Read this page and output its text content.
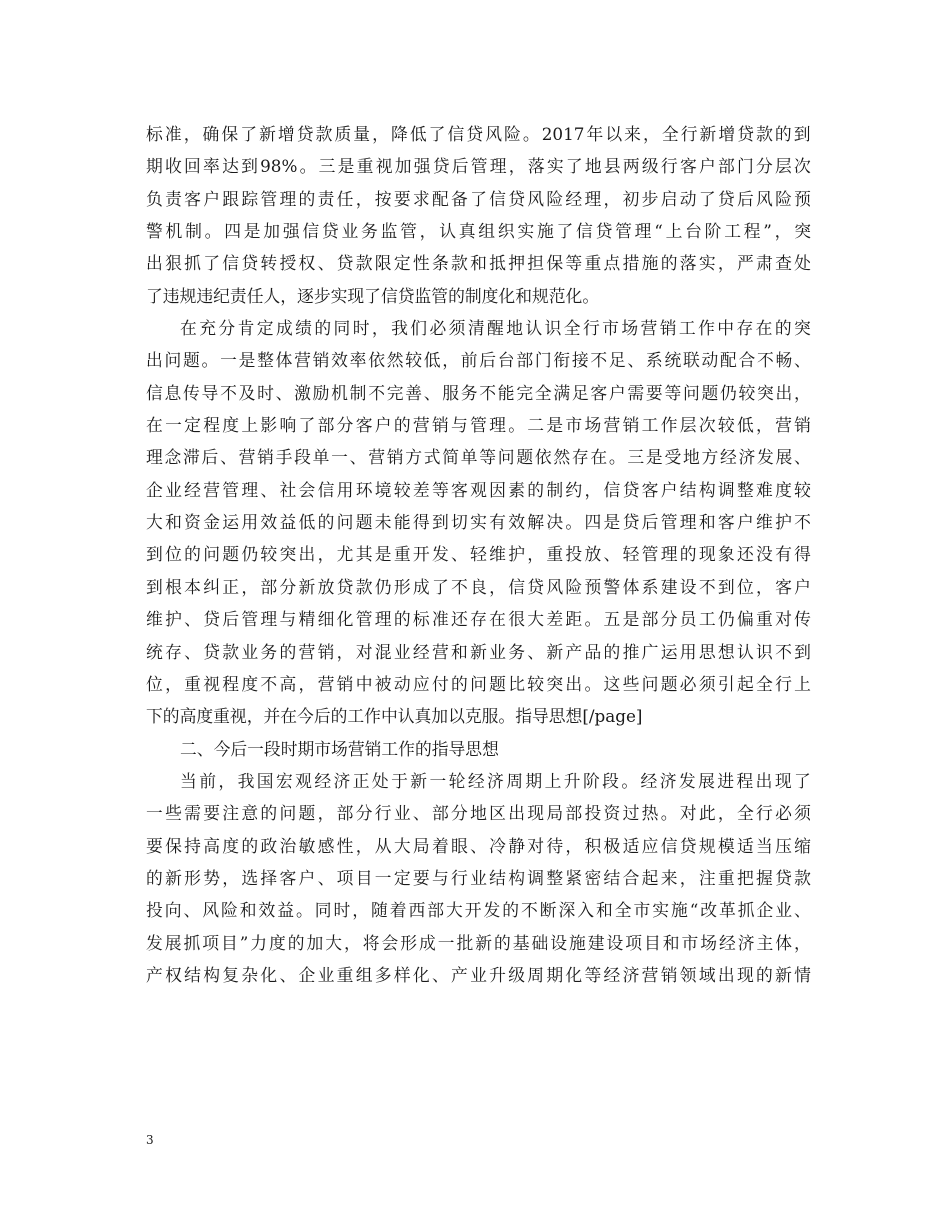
标 准 ， 确 保 了 新 增 贷 款 质 量 ， 降 低 了 信 贷 风 险 。 2017 年 以 来 ， 全 行 新 增 贷 款 的 到
期 收 回 率 达 到 98% 。 三 是 重 视 加 强 贷 后 管 理 ， 落 实 了 地 县 两 级 行 客 户 部 门 分 层 次
负 责 客 户 跟 踪 管 理 的 责 任 ， 按 要 求 配 备 了 信 贷 风 险 经 理 ， 初 步 启 动 了 贷 后 风 险 预
警 机 制 。 四 是 加 强 信 贷 业 务 监 管 ， 认 真 组 织 实 施 了 信 贷 管 理 “ 上 台 阶 工 程 ” ， 突
出 狠 抓 了 信 贷 转 授 权 、 贷 款 限 定 性 条 款 和 抵 押 担 保 等 重 点 措 施 的 落 实 ， 严 肃 查 处
了违规违纪责任人，逐步实现了信贷监管的制度化和规范化。
在 充 分 肯 定 成 绩 的 同 时 ， 我 们 必 须 清 醒 地 认 识 全 行 市 场 营 销 工 作 中 存 在 的 突
出 问 题 。 一 是 整 体 营 销 效 率 依 然 较 低 ， 前 后 台 部 门 衔 接 不 足 、 系 统 联 动 配 合 不 畅 、
信 息 传 导 不 及 时 、 激 励 机 制 不 完 善 、 服 务 不 能 完 全 满 足 客 户 需 要 等 问 题 仍 较 突 出 ，
在 一 定 程 度 上 影 响 了 部 分 客 户 的 营 销 与 管 理 。 二 是 市 场 营 销 工 作 层 次 较 低 ， 营 销
理 念 滞 后 、 营 销 手 段 单 一 、 营 销 方 式 简 单 等 问 题 依 然 存 在 。 三 是 受 地 方 经 济 发 展 、
企 业 经 营 管 理 、 社 会 信 用 环 境 较 差 等 客 观 因 素 的 制 约 ， 信 贷 客 户 结 构 调 整 难 度 较
大 和 资 金 运 用 效 益 低 的 问 题 未 能 得 到 切 实 有 效 解 决 。 四 是 贷 后 管 理 和 客 户 维 护 不
到 位 的 问 题 仍 较 突 出 ， 尤 其 是 重 开 发 、 轻 维 护 ， 重 投 放 、 轻 管 理 的 现 象 还 没 有 得
到 根 本 纠 正 ， 部 分 新 放 贷 款 仍 形 成 了 不 良 ， 信 贷 风 险 预 警 体 系 建 设 不 到 位 ， 客 户
维 护 、 贷 后 管 理 与 精 细 化 管 理 的 标 准 还 存 在 很 大 差 距 。 五 是 部 分 员 工 仍 偏 重 对 传
统 存 、 贷 款 业 务 的 营 销 ， 对 混 业 经 营 和 新 业 务 、 新 产 品 的 推 广 运 用 思 想 认 识 不 到
位 ， 重 视 程 度 不 高 ， 营 销 中 被 动 应 付 的 问 题 比 较 突 出 。 这 些 问 题 必 须 引 起 全 行 上
下的高度重视，并在今后的工作中认真加以克服。指导思想[/page]
二、今后一段时期市场营销工作的指导思想
当 前 ， 我 国 宏 观 经 济 正 处 于 新 一 轮 经 济 周 期 上 升 阶 段 。 经 济 发 展 进 程 出 现 了
一 些 需 要 注 意 的 问 题 ， 部 分 行 业 、 部 分 地 区 出 现 局 部 投 资 过 热 。 对 此 ， 全 行 必 须
要 保 持 高 度 的 政 治 敏 感 性 ， 从 大 局 着 眼 、 冷 静 对 待 ， 积 极 适 应 信 贷 规 模 适 当 压 缩
的 新 形 势 ， 选 择 客 户 、 项 目 一 定 要 与 行 业 结 构 调 整 紧 密 结 合 起 来 ， 注 重 把 握 贷 款
投 向 、 风 险 和 效 益 。 同 时 ， 随 着 西 部 大 开 发 的 不 断 深 入 和 全 市 实 施 “ 改 革 抓 企 业 、
发 展 抓 项 目 ” 力 度 的 加 大 ， 将 会 形 成 一 批 新 的 基 础 设 施 建 设 项 目 和 市 场 经 济 主 体 ，
产 权 结 构 复 杂 化 、 企 业 重 组 多 样 化 、 产 业 升 级 周 期 化 等 经 济 营 销 领 域 出 现 的 新 情
3
